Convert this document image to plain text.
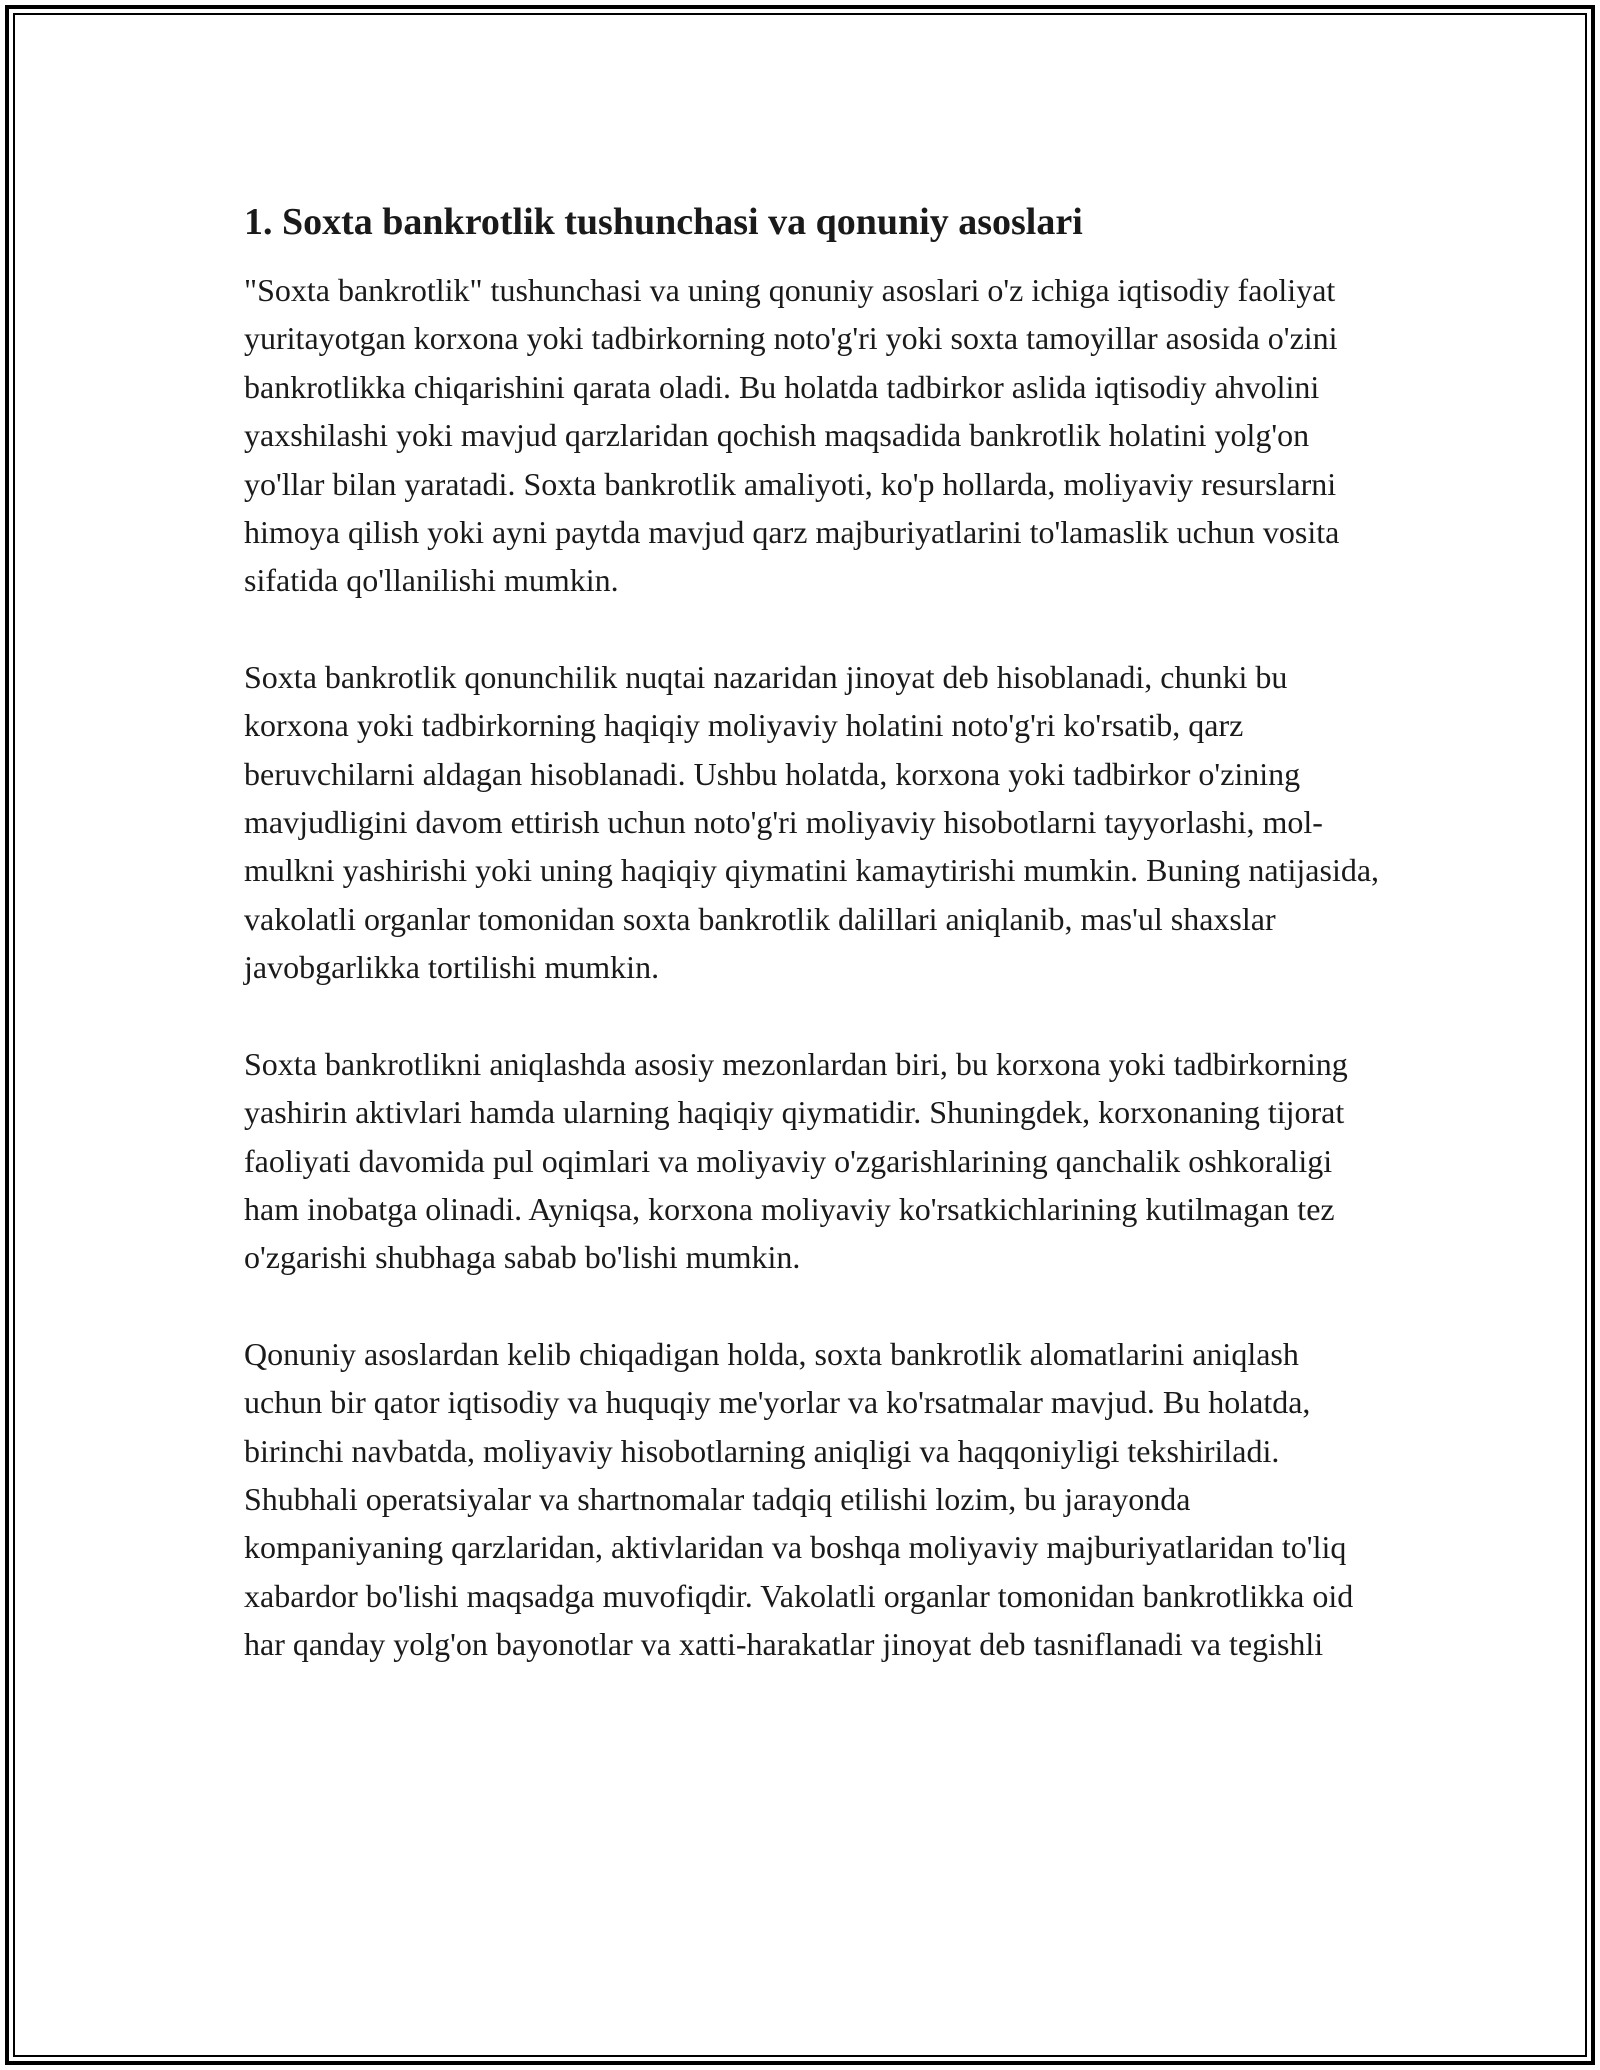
1. Soxta bankrotlik tushunchasi va qonuniy asoslari

"Soxta bankrotlik" tushunchasi va uning qonuniy asoslari o'z ichiga iqtisodiy faoliyat yuritayotgan korxona yoki tadbirkorning noto'g'ri yoki soxta tamoyillar asosida o'zini bankrotlikka chiqarishini qarata oladi. Bu holatda tadbirkor aslida iqtisodiy ahvolini yaxshilashi yoki mavjud qarzlaridan qochish maqsadida bankrotlik holatini yolg'on yo'llar bilan yaratadi. Soxta bankrotlik amaliyoti, ko'p hollarda, moliyaviy resurslarni himoya qilish yoki ayni paytda mavjud qarz majburiyatlarini to'lamaslik uchun vosita sifatida qo'llanilishi mumkin.

Soxta bankrotlik qonunchilik nuqtai nazaridan jinoyat deb hisoblanadi, chunki bu korxona yoki tadbirkorning haqiqiy moliyaviy holatini noto'g'ri ko'rsatib, qarz beruvchilarni aldagan hisoblanadi. Ushbu holatda, korxona yoki tadbirkor o'zining mavjudligini davom ettirish uchun noto'g'ri moliyaviy hisobotlarni tayyorlashi, mol-mulkni yashirishi yoki uning haqiqiy qiymatini kamaytirishi mumkin. Buning natijasida, vakolatli organlar tomonidan soxta bankrotlik dalillari aniqlanib, mas'ul shaxslar javobgarlikka tortilishi mumkin.

Soxta bankrotlikni aniqlashda asosiy mezonlardan biri, bu korxona yoki tadbirkorning yashirin aktivlari hamda ularning haqiqiy qiymatidir. Shuningdek, korxonaning tijorat faoliyati davomida pul oqimlari va moliyaviy o'zgarishlarining qanchalik oshkoraligi ham inobatga olinadi. Ayniqsa, korxona moliyaviy ko'rsatkichlarining kutilmagan tez o'zgarishi shubhaga sabab bo'lishi mumkin.

Qonuniy asoslardan kelib chiqadigan holda, soxta bankrotlik alomatlarini aniqlash uchun bir qator iqtisodiy va huquqiy me'yorlar va ko'rsatmalar mavjud. Bu holatda, birinchi navbatda, moliyaviy hisobotlarning aniqligi va haqqoniyligi tekshiriladi. Shubhali operatsiyalar va shartnomalar tadqiq etilishi lozim, bu jarayonda kompaniyaning qarzlaridan, aktivlaridan va boshqa moliyaviy majburiyatlaridan to'liq xabardor bo'lishi maqsadga muvofiqdir. Vakolatli organlar tomonidan bankrotlikka oid har qanday yolg'on bayonotlar va xatti-harakatlar jinoyat deb tasniflanadi va tegishli
